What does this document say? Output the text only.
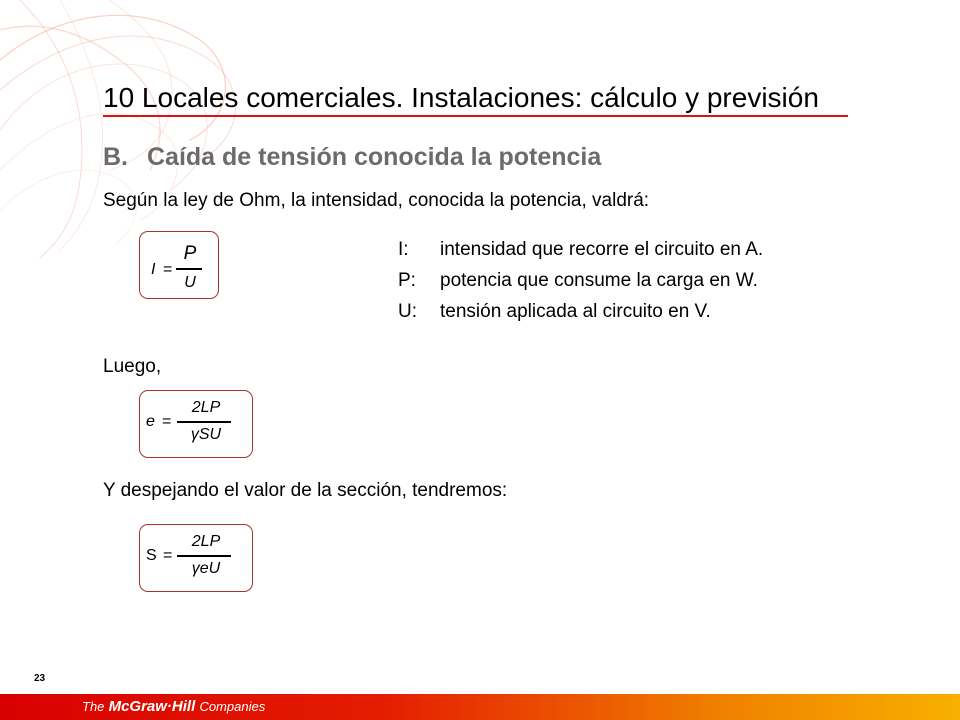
10 Locales comerciales. Instalaciones: cálculo y previsión
B. Caída de tensión conocida la potencia
Según la ley de Ohm, la intensidad, conocida la potencia, valdrá:
I =
P
U
I:	intensidad que recorre el circuito en A.
P:	potencia que consume la carga en W.
U:	tensión aplicada al circuito en V.
Luego,
e =
2LP
γSU
Y despejando el valor de la sección, tendremos:
S =
2LP
γeU
23
The McGraw·Hill Companies
